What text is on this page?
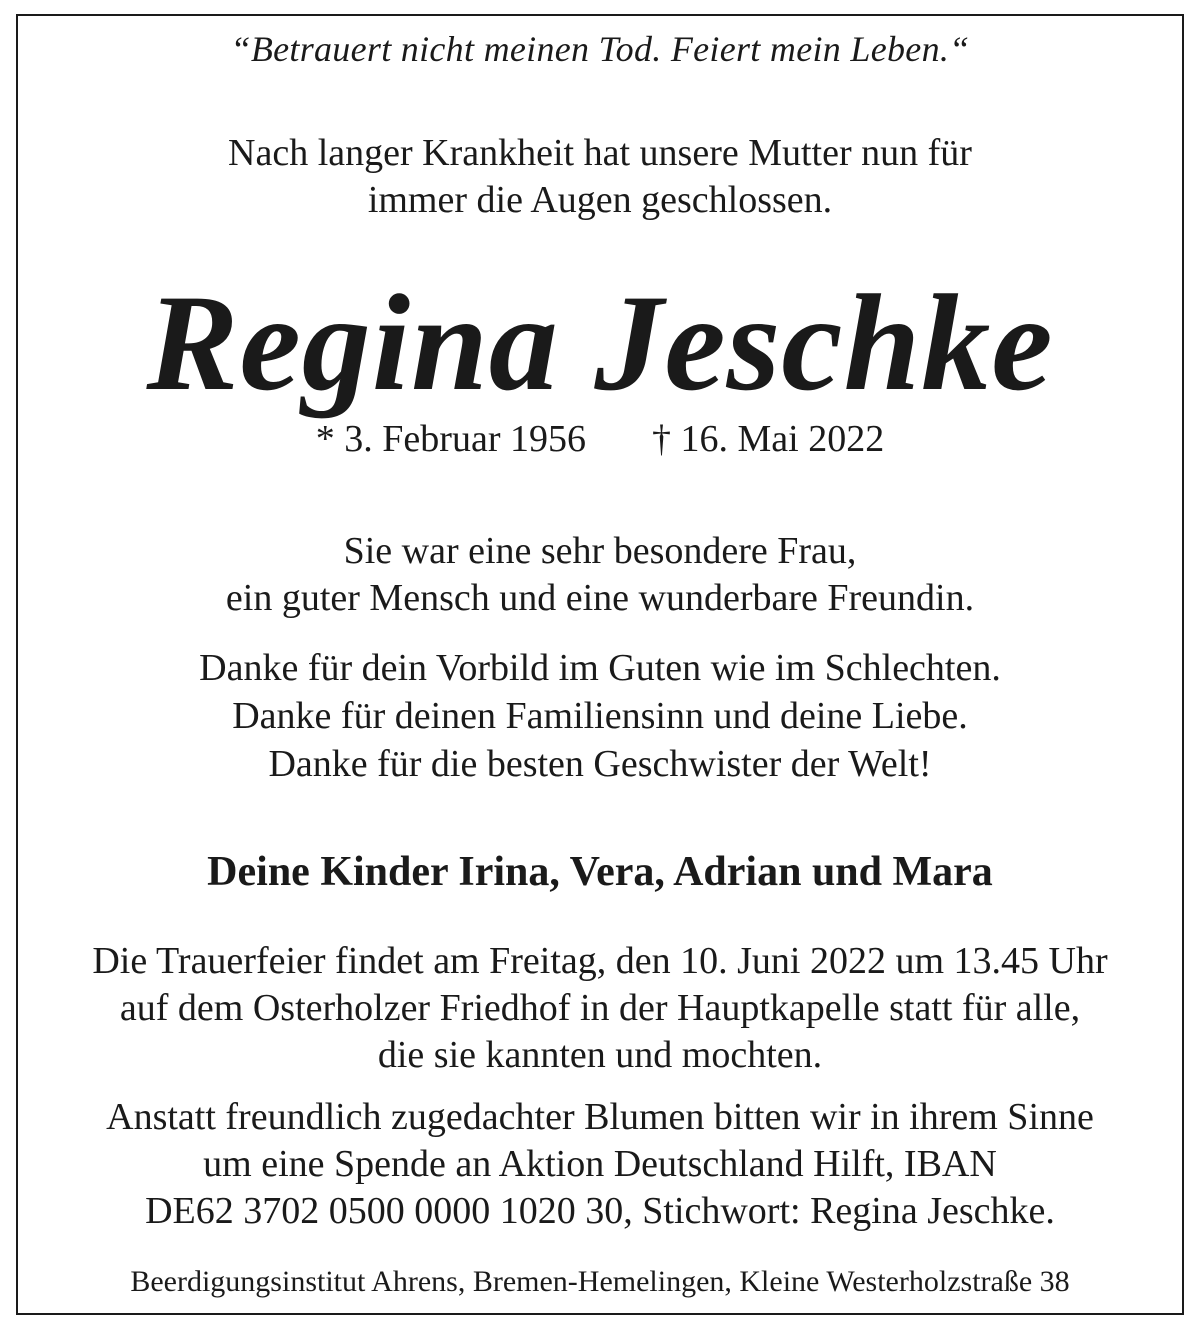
“Betrauert nicht meinen Tod. Feiert mein Leben.“
Nach langer Krankheit hat unsere Mutter nun für
immer die Augen geschlossen.
Regina Jeschke
* 3. Februar 1956 † 16. Mai 2022
Sie war eine sehr besondere Frau,
ein guter Mensch und eine wunderbare Freundin.
Danke für dein Vorbild im Guten wie im Schlechten.
Danke für deinen Familiensinn und deine Liebe.
Danke für die besten Geschwister der Welt!
Deine Kinder Irina, Vera, Adrian und Mara
Die Trauerfeier findet am Freitag, den 10. Juni 2022 um 13.45 Uhr
auf dem Osterholzer Friedhof in der Hauptkapelle statt für alle,
die sie kannten und mochten.
Anstatt freundlich zugedachter Blumen bitten wir in ihrem Sinne
um eine Spende an Aktion Deutschland Hilft, IBAN
DE62 3702 0500 0000 1020 30, Stichwort: Regina Jeschke.
Beerdigungsinstitut Ahrens, Bremen-Hemelingen, Kleine Westerholzstraße 38
